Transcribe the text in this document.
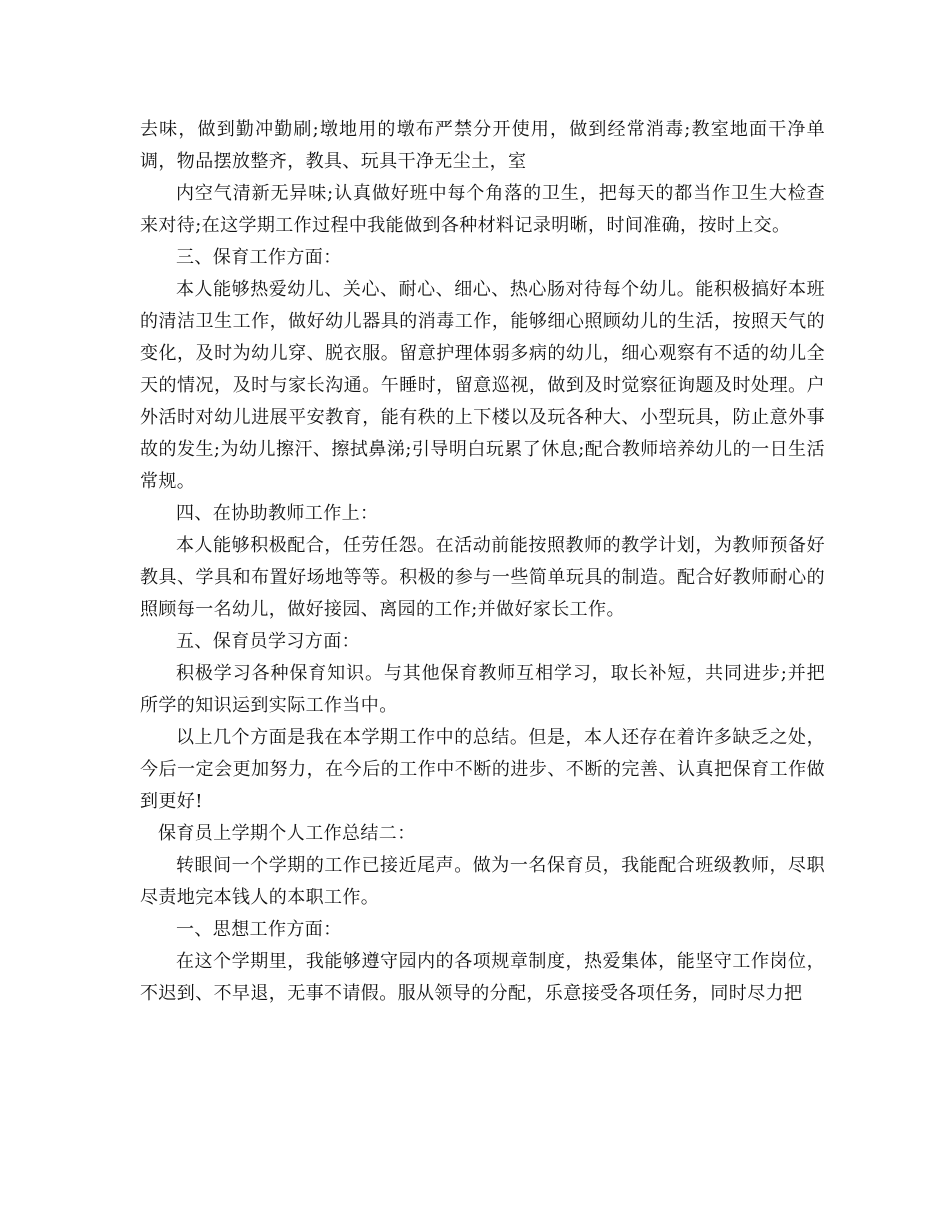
去味，做到勤冲勤刷;墩地用的墩布严禁分开使用，做到经常消毒;教室地面干净单调，物品摆放整齐，教具、玩具干净无尘土，室

内空气清新无异味;认真做好班中每个角落的卫生，把每天的都当作卫生大检查来对待;在这学期工作过程中我能做到各种材料记录明晰，时间准确，按时上交。

三、保育工作方面：

本人能够热爱幼儿、关心、耐心、细心、热心肠对待每个幼儿。能积极搞好本班的清洁卫生工作，做好幼儿器具的消毒工作，能够细心照顾幼儿的生活，按照天气的变化，及时为幼儿穿、脱衣服。留意护理体弱多病的幼儿，细心观察有不适的幼儿全天的情况，及时与家长沟通。午睡时，留意巡视，做到及时觉察征询题及时处理。户外活时对幼儿进展平安教育，能有秩的上下楼以及玩各种大、小型玩具，防止意外事故的发生;为幼儿擦汗、擦拭鼻涕;引导明白玩累了休息;配合教师培养幼儿的一日生活常规。

四、在协助教师工作上：

本人能够积极配合，任劳任怨。在活动前能按照教师的教学计划，为教师预备好教具、学具和布置好场地等等。积极的参与一些简单玩具的制造。配合好教师耐心的照顾每一名幼儿，做好接园、离园的工作;并做好家长工作。

五、保育员学习方面：

积极学习各种保育知识。与其他保育教师互相学习，取长补短，共同进步;并把所学的知识运到实际工作当中。

以上几个方面是我在本学期工作中的总结。但是，本人还存在着许多缺乏之处，今后一定会更加努力，在今后的工作中不断的进步、不断的完善、认真把保育工作做到更好!

保育员上学期个人工作总结二：

转眼间一个学期的工作已接近尾声。做为一名保育员，我能配合班级教师，尽职尽责地完本钱人的本职工作。

一、思想工作方面：

在这个学期里，我能够遵守园内的各项规章制度，热爱集体，能坚守工作岗位，不迟到、不早退，无事不请假。服从领导的分配，乐意接受各项任务，同时尽力把
